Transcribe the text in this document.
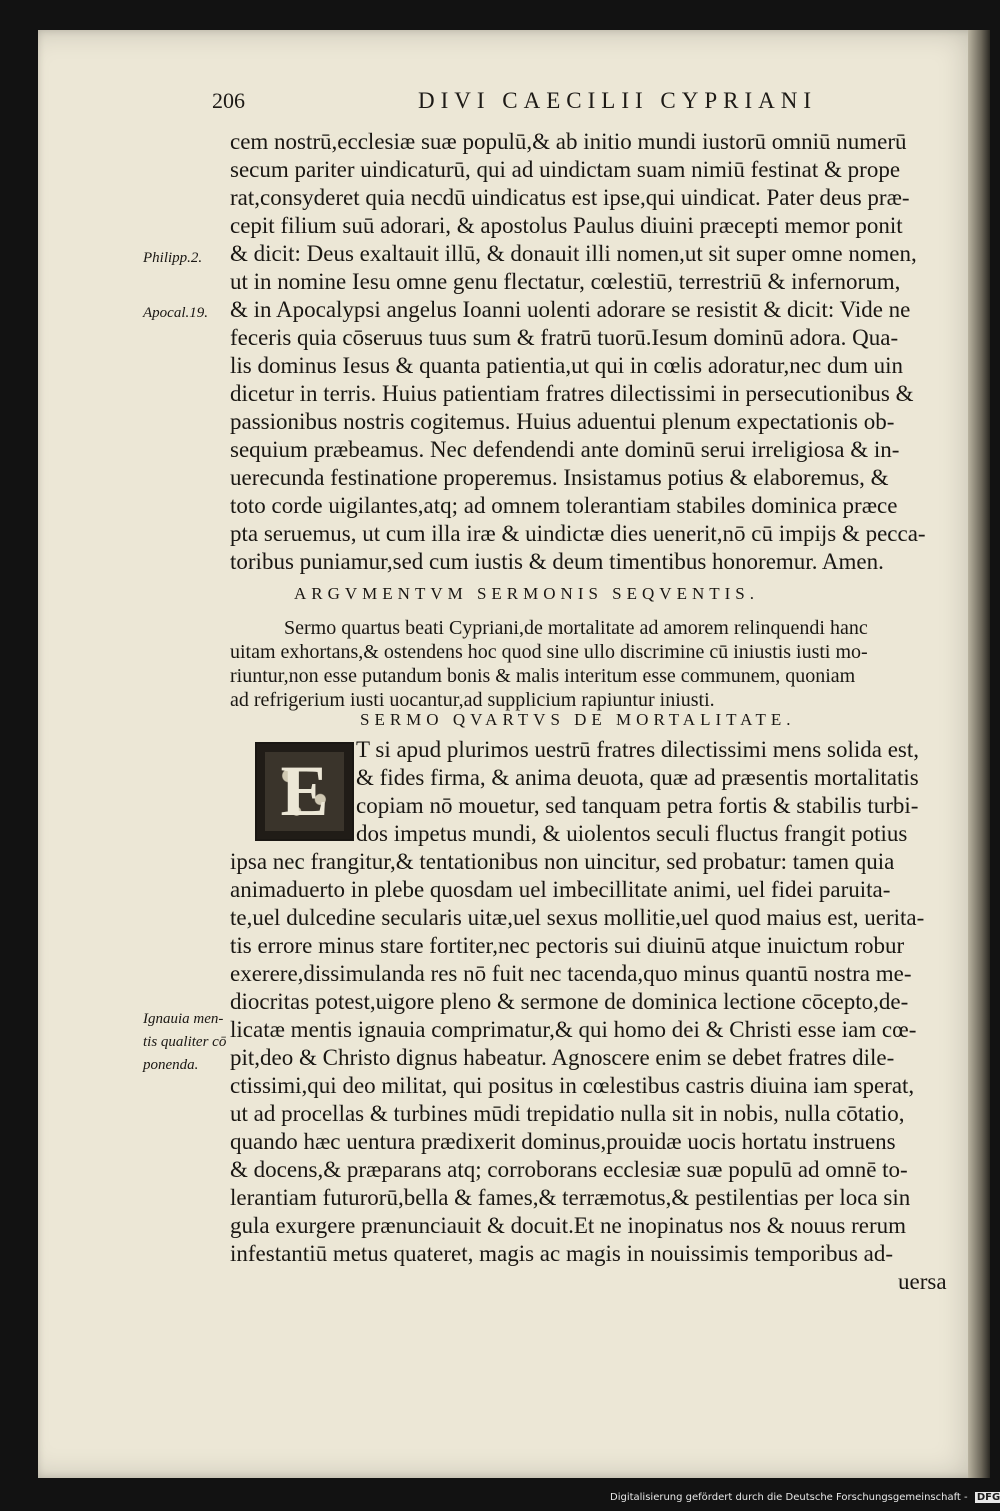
206	DIVI CAECILII CYPRIANI
Philipp.2.
Apocal.19.
Ignauia men-
tis qualiter cō
ponenda.
E
cem nostrū,ecclesiæ suæ populū,& ab initio mundi iustorū omniū numerū
secum pariter uindicaturū, qui ad uindictam suam nimiū festinat & prope
rat,consyderet quia necdū uindicatus est ipse,qui uindicat. Pater deus præ-
cepit filium suū adorari, & apostolus Paulus diuini præcepti memor ponit
& dicit: Deus exaltauit illū, & donauit illi nomen,ut sit super omne nomen,
ut in nomine Iesu omne genu flectatur, cœlestiū, terrestriū & infernorum,
& in Apocalypsi angelus Ioanni uolenti adorare se resistit & dicit: Vide ne
feceris quia cōseruus tuus sum & fratrū tuorū.Iesum dominū adora. Qua-
lis dominus Iesus & quanta patientia,ut qui in cœlis adoratur,nec dum uin
dicetur in terris. Huius patientiam fratres dilectissimi in persecutionibus &
passionibus nostris cogitemus. Huius aduentui plenum expectationis ob-
sequium præbeamus. Nec defendendi ante dominū serui irreligiosa & in-
uerecunda festinatione properemus. Insistamus potius & elaboremus, &
toto corde uigilantes,atq; ad omnem tolerantiam stabiles dominica præce
pta seruemus, ut cum illa iræ & uindictæ dies uenerit,nō cū impijs & pecca-
toribus puniamur,sed cum iustis & deum timentibus honoremur. Amen.
ARGVMENTVM SERMONIS SEQVENTIS.
Sermo quartus beati Cypriani,de mortalitate ad amorem relinquendi hanc
uitam exhortans,& ostendens hoc quod sine ullo discrimine cū iniustis iusti mo-
riuntur,non esse putandum bonis & malis interitum esse communem, quoniam
ad refrigerium iusti uocantur,ad supplicium rapiuntur iniusti.
SERMO QVARTVS DE MORTALITATE.
T si apud plurimos uestrū fratres dilectissimi mens solida est,
& fides firma, & anima deuota, quæ ad præsentis mortalitatis
copiam nō mouetur, sed tanquam petra fortis & stabilis turbi-
dos impetus mundi, & uiolentos seculi fluctus frangit potius
ipsa nec frangitur,& tentationibus non uincitur, sed probatur: tamen quia
animaduerto in plebe quosdam uel imbecillitate animi, uel fidei paruita-
te,uel dulcedine secularis uitæ,uel sexus mollitie,uel quod maius est, uerita-
tis errore minus stare fortiter,nec pectoris sui diuinū atque inuictum robur
exerere,dissimulanda res nō fuit nec tacenda,quo minus quantū nostra me-
diocritas potest,uigore pleno & sermone de dominica lectione cōcepto,de-
licatæ mentis ignauia comprimatur,& qui homo dei & Christi esse iam cœ-
pit,deo & Christo dignus habeatur. Agnoscere enim se debet fratres dile-
ctissimi,qui deo militat, qui positus in cœlestibus castris diuina iam sperat,
ut ad procellas & turbines mūdi trepidatio nulla sit in nobis, nulla cōtatio,
quando hæc uentura prædixerit dominus,prouidæ uocis hortatu instruens
& docens,& præparans atq; corroborans ecclesiæ suæ populū ad omnē to-
lerantiam futurorū,bella & fames,& terræmotus,& pestilentias per loca sin
gula exurgere prænunciauit & docuit.Et ne inopinatus nos & nouus rerum
infestantiū metus quateret, magis ac magis in nouissimis temporibus ad-
uersa
Digitalisierung gefördert durch die Deutsche Forschungsgemeinschaft - DFG
